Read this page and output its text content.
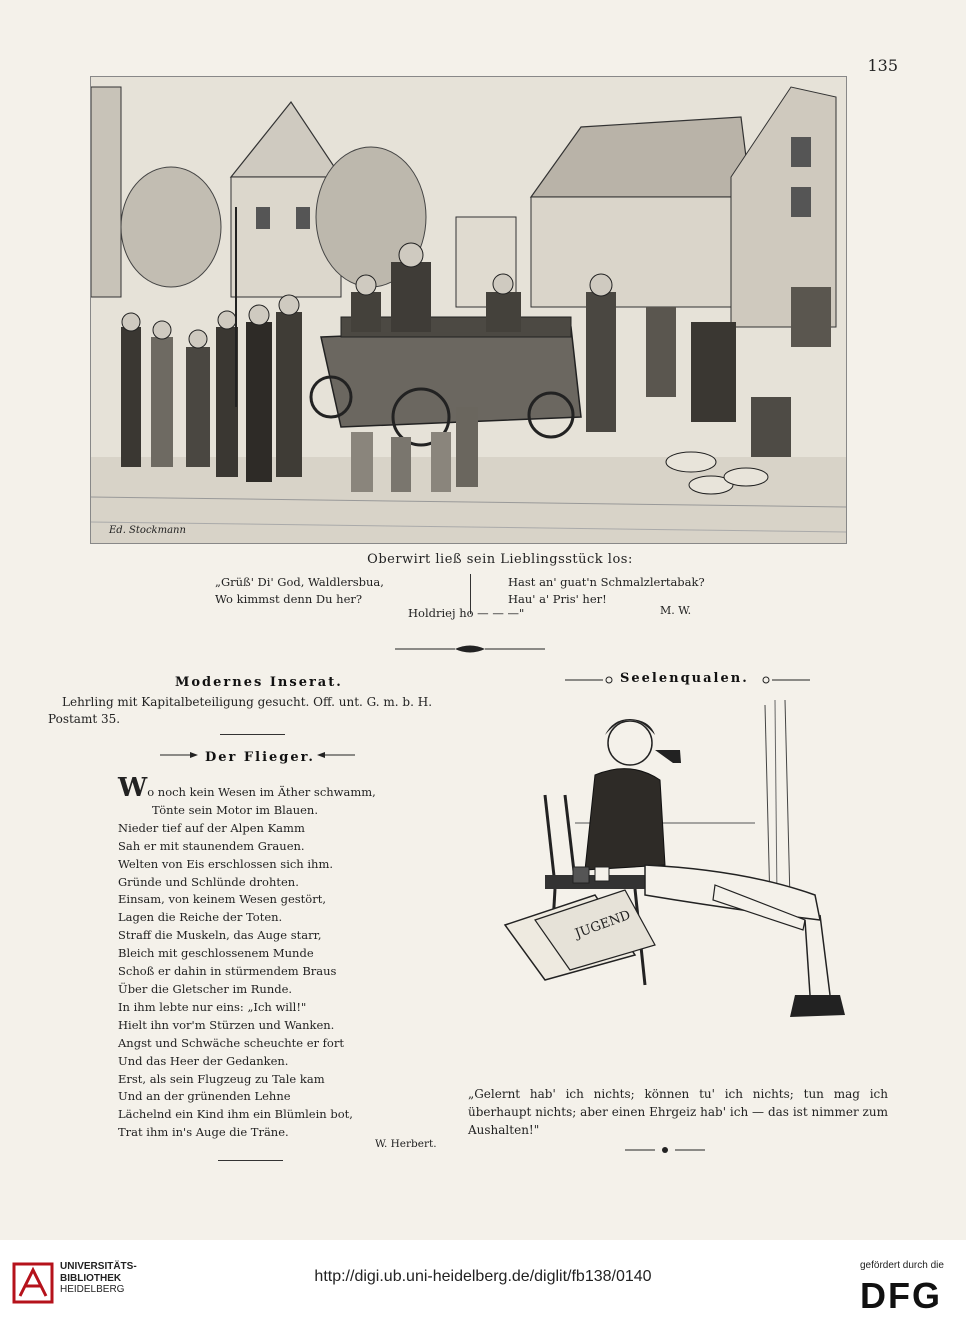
135
Ed. Stockmann
Oberwirt ließ sein Lieblingsstück los:
„Grüß' Di' God, Waldlersbua,
Wo kimmst denn Du her?
Hast an' guat'n Schmalzlertabak?
Hau' a' Pris' her!
Holdriej ho — — —"	M. W.
Modernes Inserat.
Lehrling mit Kapitalbeteiligung gesucht. Off. unt. G. m. b. H.
Postamt 35.
Der Flieger.
Wo noch kein Wesen im Äther schwamm,
Tönte sein Motor im Blauen.
Nieder tief auf der Alpen Kamm
Sah er mit staunendem Grauen.
Welten von Eis erschlossen sich ihm.
Gründe und Schlünde drohten.
Einsam, von keinem Wesen gestört,
Lagen die Reiche der Toten.
Straff die Muskeln, das Auge starr,
Bleich mit geschlossenem Munde
Schoß er dahin in stürmendem Braus
Über die Gletscher im Runde.
In ihm lebte nur eins: „Ich will!"
Hielt ihn vor'm Stürzen und Wanken.
Angst und Schwäche scheuchte er fort
Und das Heer der Gedanken.
Erst, als sein Flugzeug zu Tale kam
Und an der grünenden Lehne
Lächelnd ein Kind ihm ein Blümlein bot,
Trat ihm in's Auge die Träne.
W. Herbert.
Seelenqualen.
JUGEND
„Gelernt hab' ich nichts; können tu' ich nichts; tun mag ich überhaupt nichts; aber einen Ehrgeiz hab' ich — das ist nimmer zum Aushalten!"
UNIVERSITÄTS-
BIBLIOTHEK
HEIDELBERG
http://digi.ub.uni-heidelberg.de/diglit/fb138/0140
gefördert durch die
DFG
